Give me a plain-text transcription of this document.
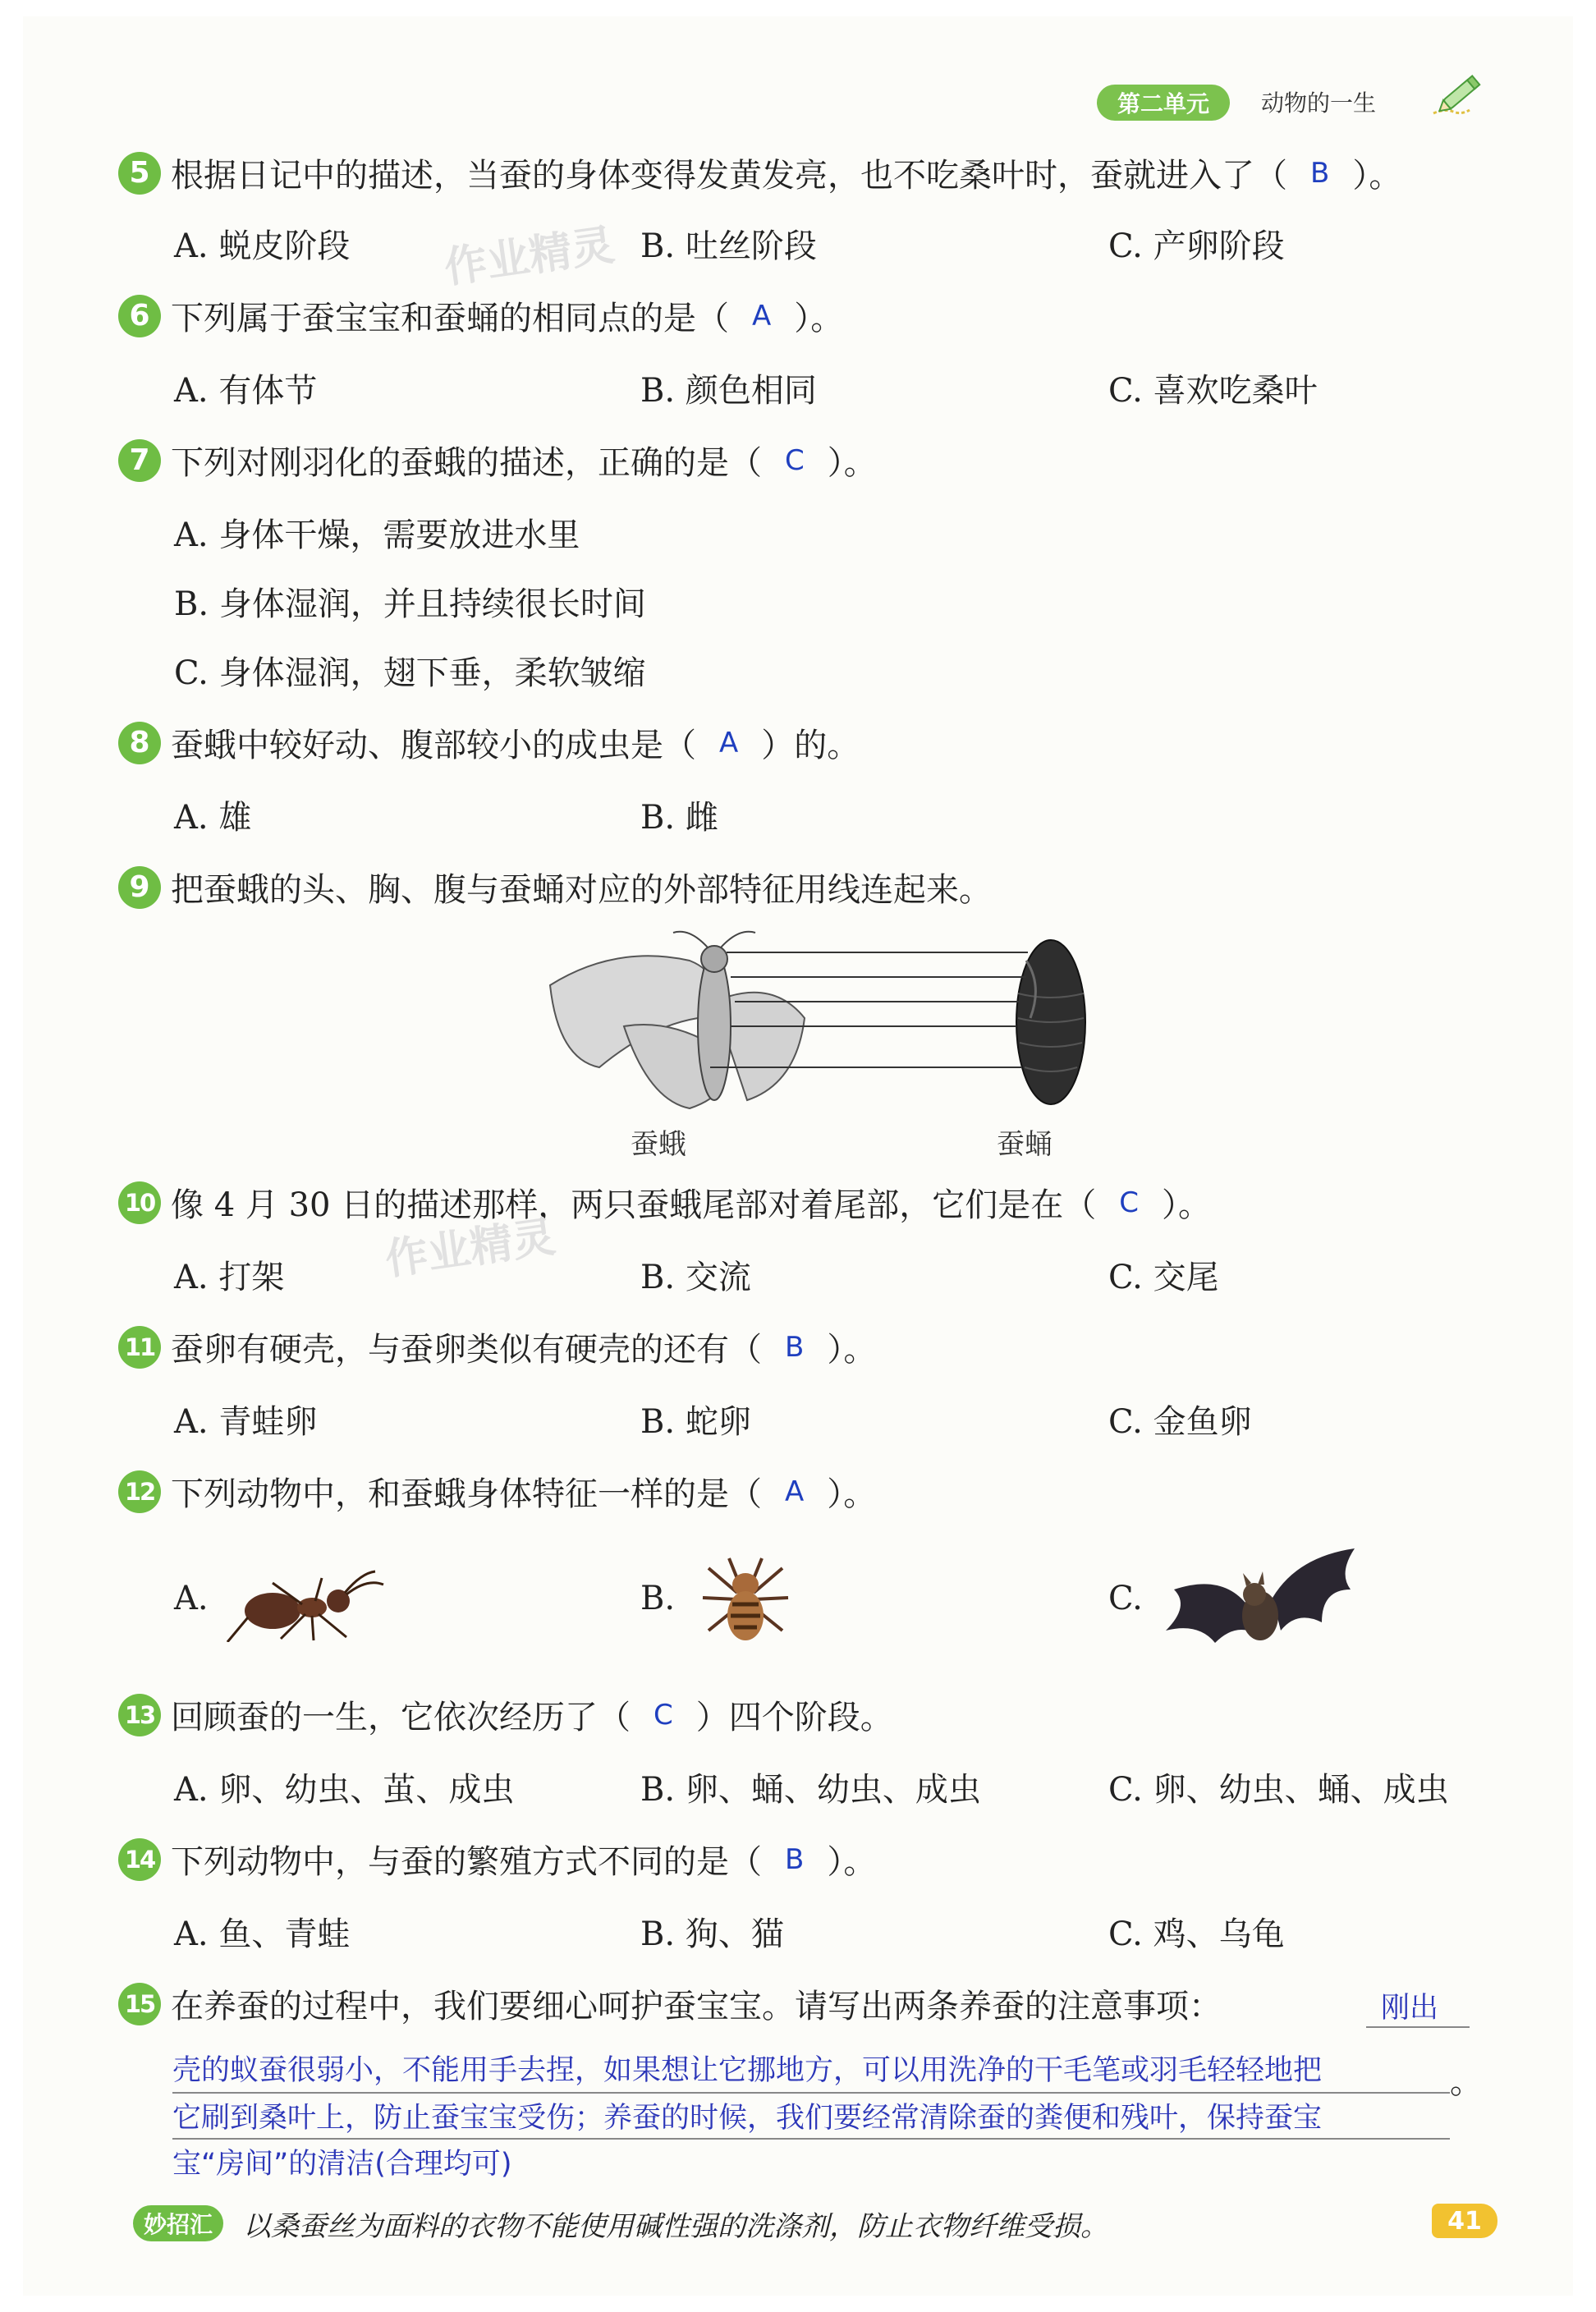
第二单元	动物的一生
5 根据日记中的描述，当蚕的身体变得发黄发亮，也不吃桑叶时，蚕就进入了（ B ）。
A. 蜕皮阶段	B. 吐丝阶段	C. 产卵阶段
作业精灵
6 下列属于蚕宝宝和蚕蛹的相同点的是（ A ）。
A. 有体节	B. 颜色相同	C. 喜欢吃桑叶
7 下列对刚羽化的蚕蛾的描述，正确的是（ C ）。
A. 身体干燥，需要放进水里
B. 身体湿润，并且持续很长时间
C. 身体湿润，翅下垂，柔软皱缩
8 蚕蛾中较好动、腹部较小的成虫是（ A ）的。
A. 雄	B. 雌
9 把蚕蛾的头、胸、腹与蚕蛹对应的外部特征用线连起来。
蚕蛾	蚕蛹
10 像 4 月 30 日的描述那样，两只蚕蛾尾部对着尾部，它们是在（ C ）。
A. 打架	B. 交流	C. 交尾
作业精灵
11 蚕卵有硬壳，与蚕卵类似有硬壳的还有（ B ）。
A. 青蛙卵	B. 蛇卵	C. 金鱼卵
12 下列动物中，和蚕蛾身体特征一样的是（ A ）。
A.	B.	C.
13 回顾蚕的一生，它依次经历了（ C ）四个阶段。
A. 卵、幼虫、茧、成虫	B. 卵、蛹、幼虫、成虫	C. 卵、幼虫、蛹、成虫
14 下列动物中，与蚕的繁殖方式不同的是（ B ）。
A. 鱼、青蛙	B. 狗、猫	C. 鸡、乌龟
15 在养蚕的过程中，我们要细心呵护蚕宝宝。请写出两条养蚕的注意事项：	刚出
壳的蚁蚕很弱小，不能用手去捏，如果想让它挪地方，可以用洗净的干毛笔或羽毛轻轻地把	。
它刷到桑叶上，防止蚕宝宝受伤；养蚕的时候，我们要经常清除蚕的粪便和残叶，保持蚕宝
宝“房间”的清洁(合理均可)
妙招汇	以桑蚕丝为面料的衣物不能使用碱性强的洗涤剂，防止衣物纤维受损。	41
